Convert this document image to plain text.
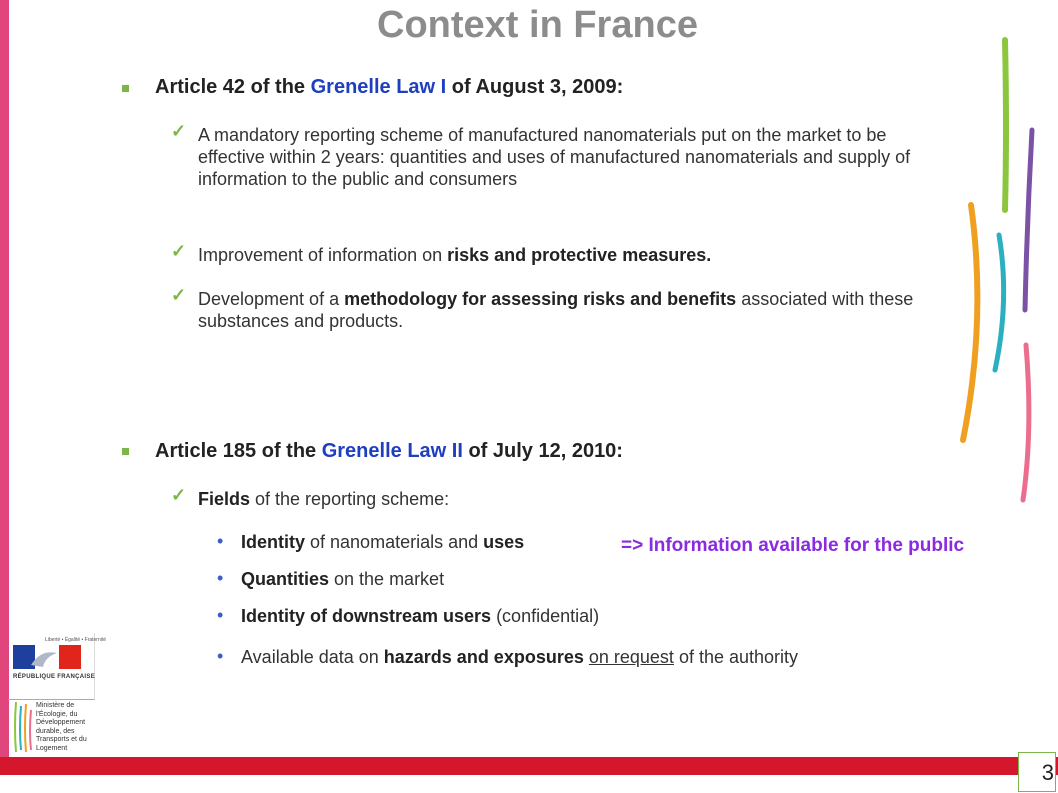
Context in France
Article 42 of the Grenelle Law I of August 3, 2009:
✓ A mandatory reporting scheme of manufactured nanomaterials put on the market to be effective within 2 years: quantities and uses of manufactured nanomaterials and supply of information to the public and consumers
✓ Improvement of information on risks and protective measures.
✓ Development of a methodology for assessing risks and benefits associated with these substances and products.
Article 185 of the Grenelle Law II of July 12, 2010:
✓ Fields of the reporting scheme:
• Identity of nanomaterials and uses	=> Information available for the public
• Quantities on the market
• Identity of downstream users (confidential)
• Available data on hazards and exposures on request of the authority
Liberté • Égalité • Fraternité
RÉPUBLIQUE FRANÇAISE
Ministère de l'Écologie, du Développement durable, des Transports et du Logement
3
